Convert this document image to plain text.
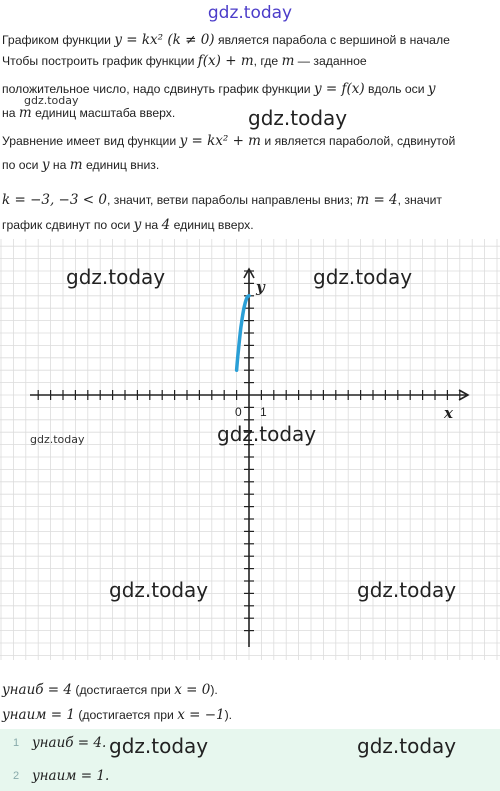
gdz.today
Графиком функции y = kx² (k ≠ 0) является парабола с вершиной в начале
Чтобы построить график функции f(x) + m, где m — заданное
положительное число, надо сдвинуть график функции y = f(x) вдоль оси y
gdz.today
на m единиц масштаба вверх.	gdz.today
Уравнение имеет вид функции y = kx² + m и является параболой, сдвинутой
по оси y на m единиц вниз.
k = −3, −3 < 0, значит, ветви параболы направлены вниз; m = 4, значит
график сдвинут по оси y на 4 единиц вверх.
y
x
0 1
gdz.today	gdz.today
gdz.today	gdz.today
gdz.today	gdz.today
yнаиб = 4 (достигается при x = 0).
yнаим = 1 (достигается при x = −1).
1 yнаиб = 4.
2 yнаим = 1.
gdz.today	gdz.today
